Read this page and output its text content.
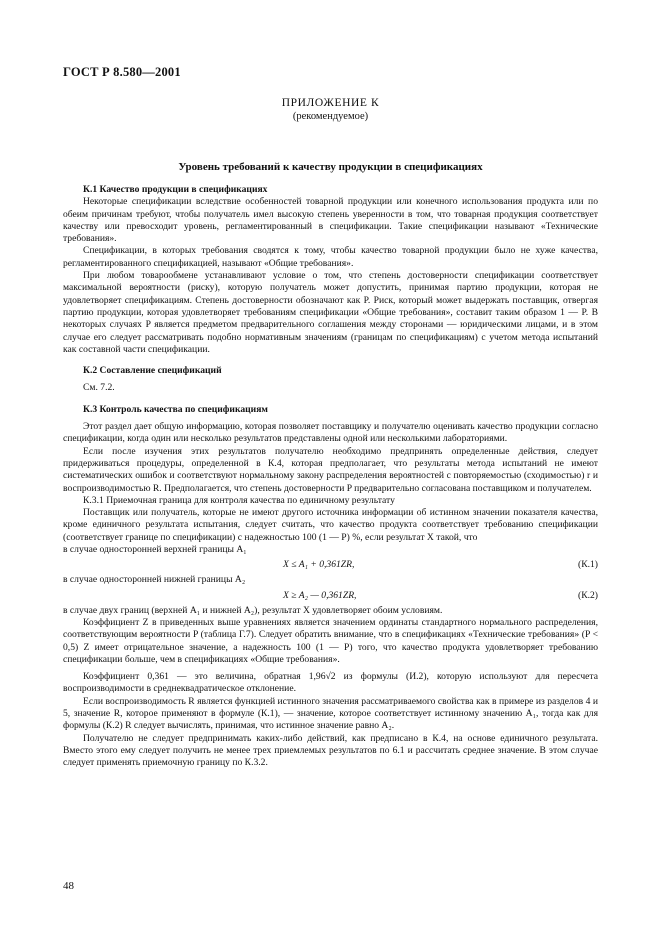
ГОСТ Р 8.580—2001
ПРИЛОЖЕНИЕ К
(рекомендуемое)
Уровень требований к качеству продукции в спецификациях
К.1 Качество продукции в спецификациях

Некоторые спецификации вследствие особенностей товарной продукции или конечного использования продукта или по обеим причинам требуют, чтобы получатель имел высокую степень уверенности в том, что товарная продукция соответствует качеству или превосходит уровень, регламентированный в спецификации. Такие спецификации называют «Технические требования».

Спецификации, в которых требования сводятся к тому, чтобы качество товарной продукции было не хуже качества, регламентированного спецификацией, называют «Общие требования».

При любом товарообмене устанавливают условие о том, что степень достоверности спецификации соответствует максимальной вероятности (риску), которую получатель может допустить, принимая партию продукции, которая не удовлетворяет спецификациям. Степень достоверности обозначают как P. Риск, который может выдержать поставщик, отвергая партию продукции, которая удовлетворяет требованиям спецификации «Общие требования», составит таким образом 1 — P. В некоторых случаях P является предметом предварительного соглашения между сторонами — юридическими лицами, и в этом случае его следует рассматривать подобно нормативным значениям (границам по спецификациям) с учетом метода испытаний как составной части спецификации.

К.2 Составление спецификаций

См. 7.2.

К.3 Контроль качества по спецификациям

Этот раздел дает общую информацию, которая позволяет поставщику и получателю оценивать качество продукции согласно спецификации, когда один или несколько результатов представлены одной или несколькими лабораториями.

Если после изучения этих результатов получателю необходимо предпринять определенные действия, следует придерживаться процедуры, определенной в К.4, которая предполагает, что результаты метода испытаний не имеют систематических ошибок и соответствуют нормальному закону распределения вероятностей с повторяемостью (сходимостью) r и воспроизводимостью R. Предполагается, что степень достоверности P предварительно согласована поставщиком и получателем.

К.3.1 Приемочная граница для контроля качества по единичному результату

Поставщик или получатель, которые не имеют другого источника информации об истинном значении показателя качества, кроме единичного результата испытания, следует считать, что качество продукта соответствует требованию спецификации (соответствует границе по спецификации) с надежностью 100 (1 — P) %, если результат X такой, что

в случае односторонней верхней границы A₁

X ≤ A₁ + 0,361ZR,	(К.1)

в случае односторонней нижней границы A₂

X ≥ A₂ — 0,361ZR,	(К.2)

в случае двух границ (верхней A₁ и нижней A₂), результат X удовлетворяет обоим условиям.

Коэффициент Z в приведенных выше уравнениях является значением ординаты стандартного нормального распределения, соответствующим вероятности P (таблица Г.7). Следует обратить внимание, что в спецификациях «Технические требования» (P < 0,5) Z имеет отрицательное значение, а надежность 100 (1 — P) того, что качество продукта удовлетворяет требованию спецификации больше, чем в спецификациях «Общие требования».

Коэффициент 0,361 — это величина, обратная 1,96√2 из формулы (И.2), которую используют для пересчета воспроизводимости в среднеквадратическое отклонение.

Если воспроизводимость R является функцией истинного значения рассматриваемого свойства как в примере из разделов 4 и 5, значение R, которое применяют в формуле (К.1), — значение, которое соответствует истинному значению A₁, тогда как для формулы (К.2) R следует вычислять, принимая, что истинное значение равно A₂.

Получателю не следует предпринимать каких-либо действий, как предписано в К.4, на основе единичного результата. Вместо этого ему следует получить не менее трех приемлемых результатов по 6.1 и рассчитать среднее значение. В этом случае следует применять приемочную границу по К.3.2.

48
